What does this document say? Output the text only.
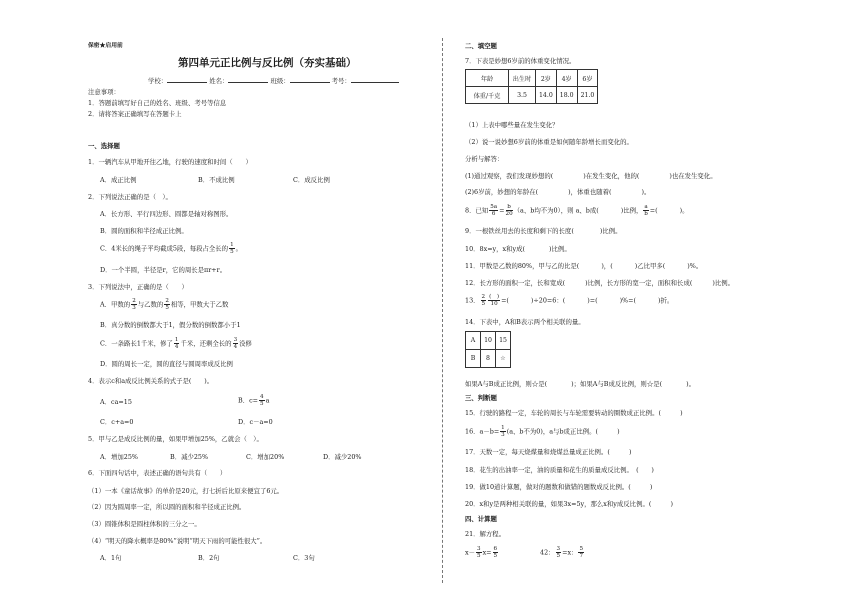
保密★启用前
第四单元正比例与反比例（夯实基础）
学校：	姓名：	班级：	考号：
注意事项：
1．答题前填写好自己的姓名、班级、考号等信息
2．请将答案正确填写在答题卡上
一、选择题
1．一辆汽车从甲地开往乙地，行驶的速度和时间（　　）
A．成正比例	B．不成比例	C．成反比例
2．下列说法正确的是（　）。
A．长方形、平行四边形、圆都是轴对称图形。
B．圆的面积和半径成正比例。
C．4米长的绳子平均截成5段，每段占全长的 $\frac{1}{5}$ 。
D．一个半圆，半径是r，它的周长是πr+r。
3．下列说法中，正确的是（　　）
A．甲数的 $\frac{2}{3}$ 与乙数的 $\frac{2}{5}$ 相等，甲数大于乙数
B．真分数的倒数都大于1，假分数的倒数都小于1
C．一条路长1千米，修了 $\frac{1}{4}$ 千米，还剩全长的 $\frac{3}{4}$ 没修
D．圆的周长一定，圆的直径与圆周率成反比例
4．表示c和a成反比例关系的式子是(　　)。
A．ca=15	B．$c= \frac{4}{5}$ a
C．c+a=0	D．c－a=0
5．甲与乙是成反比例的量，如果甲增加25%，乙就会（　）。
A．增加25%	B．减少25%	C．增加20%	D．减少20%
6．下面四句话中，表述正确的语句共有（　　）
（1）一本《童话故事》的单价是20元，打七折后比原来便宜了6元。
（2）因为圆周率一定，所以圆的面积和半径成正比例。
（3）圆锥体积是圆柱体积的三分之一。
（4）“明天的降水概率是80%”说明“明天下雨的可能性很大”。
A．1句	B．2句	C．3句
二、填空题
7．下表是妙想6岁前的体重变化情况。
年龄	出生时	2岁	4岁	6岁
体重/千克	3.5	14.0	18.0	21.0
（1）上表中哪些量在发生变化？
（2）说一说妙想6岁前的体重是如何随年龄增长而变化的。
分析与解答：
(1)通过观察，我们发现妙想的(	)在发生变化，他的(	)也在发生变化。
(2)6岁前，妙想的年龄在(	)，体重也随着(	)。
8．已知 $\frac{5a}{6} = \frac{b}{20} (a$、b均不为0），则 a、b成(	)比例， $\frac{a}{b}$ =(	)。
9．一根铁丝用去的长度和剩下的长度(	)比例。
10．8x=y，x和y成(	)比例。
11．甲数是乙数的80%，甲与乙的比是(	)，(	)乙比甲多(	)%。
12．长方形的面积一定，长和宽成(	)比例，长方形的宽一定，面积和长成(	)比例。
13． $\frac{2}{5} \frac{( )}{10}$ =(	)÷20=6：(	)=(	)%=(	)折。
14．下表中，A和B表示两个相关联的量。
A	10	15
B	8	☆
如果A与B成正比例，则☆是(	)；如果A与B成反比例，则☆是(	)。
三、判断题
15．行驶的路程一定，车轮的周长与车轮需要转动的圈数成正比例。(　　　)
16．$a-b= \frac{1}{3} (a$、b不为0)，a与b成正比例。(　　　)
17．天数一定，每天烧煤量和烧煤总量成正比例。(　　　)
18．花生的出油率一定，油的质量和花生的质量成反比例。　(　　)
19．做10道计算题，做对的题数和做错的题数成反比例。(　　　)
20．x和y是两种相关联的量，如果3x=5y，那么x和y成反比例。(　　　)
四、计算题
21．解方程。
$x- \frac{3}{5} x= \frac{6}{5}$	42： $\frac{3}{5} =x$： $\frac{5}{7}$
